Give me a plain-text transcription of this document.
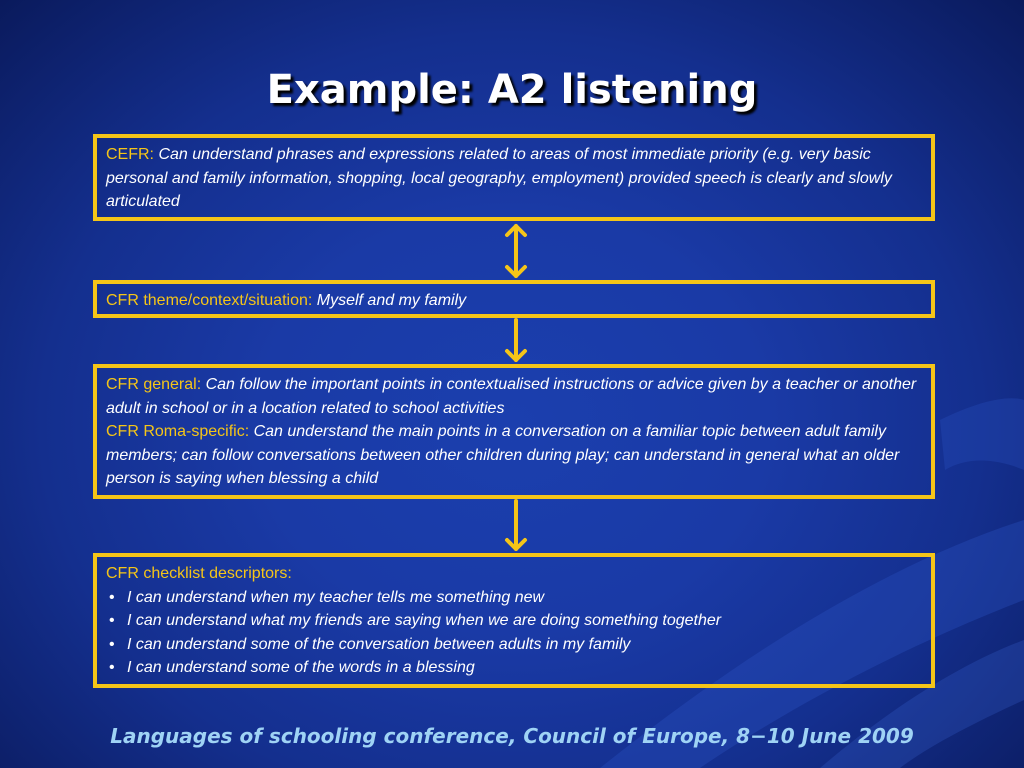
Example: A2 listening
CEFR: Can understand phrases and expressions related to areas of most immediate priority (e.g. very basic personal and family information, shopping, local geography, employment) provided speech is clearly and slowly articulated
CFR theme/context/situation: Myself and my family
CFR general: Can follow the important points in contextualised instructions or advice given by a teacher or another adult in school or in a location related to school activities
CFR Roma-specific: Can understand the main points in a conversation on a familiar topic between adult family members; can follow conversations between other children during play; can understand in general what an older person is saying when blessing a child
CFR checklist descriptors:
• I can understand when my teacher tells me something new
• I can understand what my friends are saying when we are doing something together
• I can understand some of the conversation between adults in my family
• I can understand some of the words in a blessing
Languages of schooling conference, Council of Europe, 8−10 June 2009
